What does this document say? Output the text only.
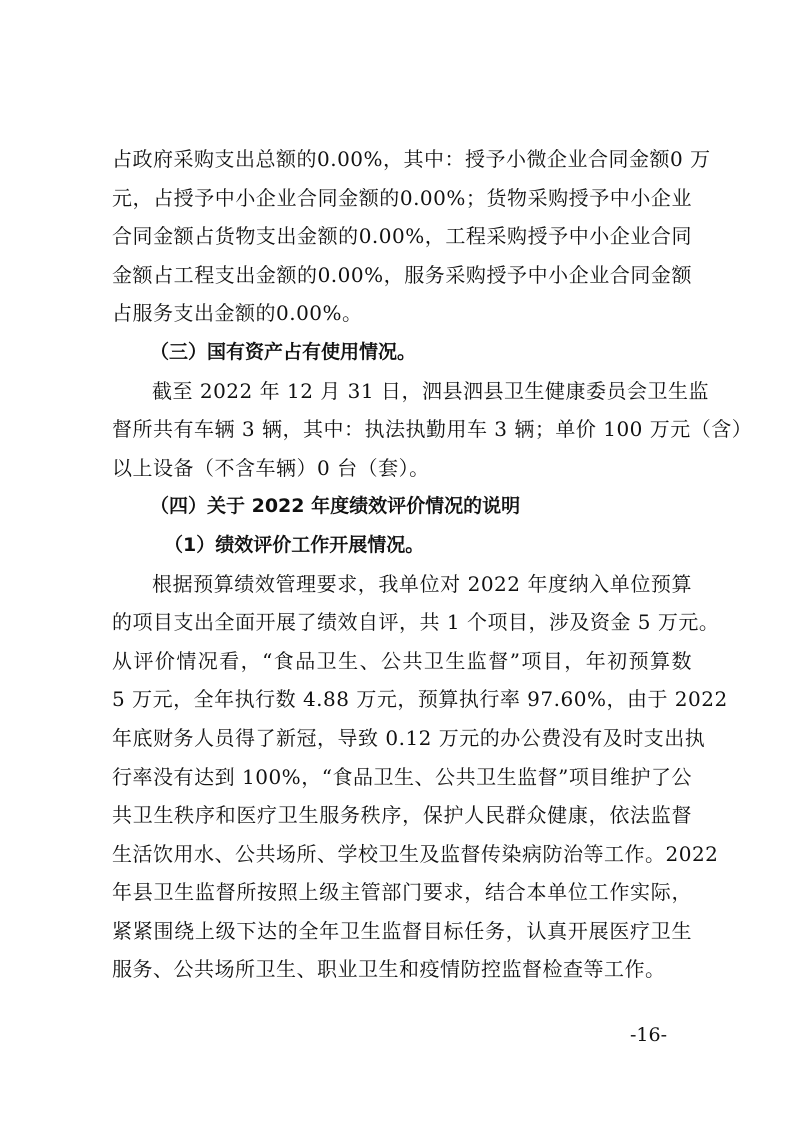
占政府采购支出总额的0.00%，其中：授予小微企业合同金额0 万
元，占授予中小企业合同金额的0.00%；货物采购授予中小企业
合同金额占货物支出金额的0.00%，工程采购授予中小企业合同
金额占工程支出金额的0.00%，服务采购授予中小企业合同金额
占服务支出金额的0.00%。
（三）国有资产占有使用情况。
截至 2022 年 12 月 31 日，泗县泗县卫生健康委员会卫生监
督所共有车辆 3 辆，其中：执法执勤用车 3 辆；单价 100 万元（含）
以上设备（不含车辆）0 台（套）。
（四）关于 2022 年度绩效评价情况的说明
（1）绩效评价工作开展情况。
根据预算绩效管理要求，我单位对 2022 年度纳入单位预算
的项目支出全面开展了绩效自评，共 1 个项目，涉及资金 5 万元。
从评价情况看，“食品卫生、公共卫生监督”项目，年初预算数
5 万元，全年执行数 4.88 万元，预算执行率 97.60%，由于 2022
年底财务人员得了新冠，导致 0.12 万元的办公费没有及时支出执
行率没有达到 100%，“食品卫生、公共卫生监督”项目维护了公
共卫生秩序和医疗卫生服务秩序，保护人民群众健康，依法监督
生活饮用水、公共场所、学校卫生及监督传染病防治等工作。2022
年县卫生监督所按照上级主管部门要求，结合本单位工作实际，
紧紧围绕上级下达的全年卫生监督目标任务，认真开展医疗卫生
服务、公共场所卫生、职业卫生和疫情防控监督检查等工作。
-16-
